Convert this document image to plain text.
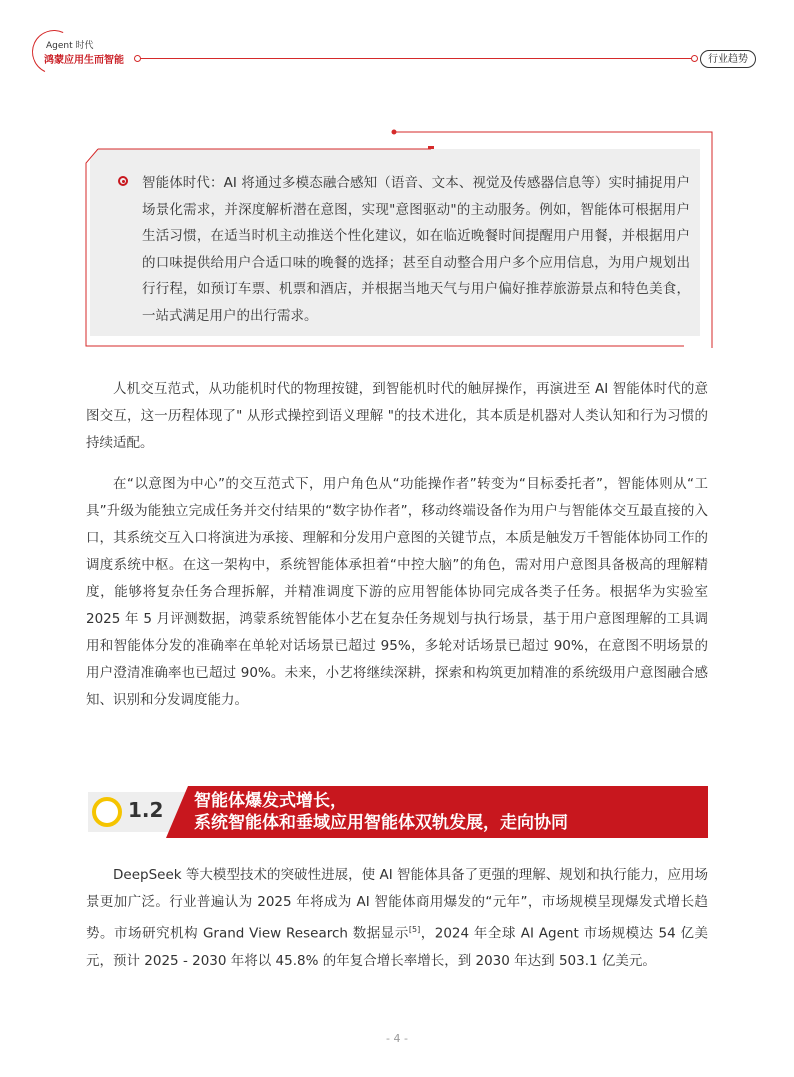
Agent 时代
鸿蒙应用生而智能	行业趋势
智能体时代：AI 将通过多模态融合感知（语音、文本、视觉及传感器信息等）实时捕捉用户场景化需求，并深度解析潜在意图，实现"意图驱动"的主动服务。例如，智能体可根据用户生活习惯，在适当时机主动推送个性化建议，如在临近晚餐时间提醒用户用餐，并根据用户的口味提供给用户合适口味的晚餐的选择；甚至自动整合用户多个应用信息，为用户规划出行行程，如预订车票、机票和酒店，并根据当地天气与用户偏好推荐旅游景点和特色美食，一站式满足用户的出行需求。

人机交互范式，从功能机时代的物理按键，到智能机时代的触屏操作，再演进至 AI 智能体时代的意图交互，这一历程体现了" 从形式操控到语义理解 "的技术进化，其本质是机器对人类认知和行为习惯的持续适配。

在“以意图为中心”的交互范式下，用户角色从“功能操作者”转变为“目标委托者”，智能体则从“工具”升级为能独立完成任务并交付结果的“数字协作者”，移动终端设备作为用户与智能体交互最直接的入口，其系统交互入口将演进为承接、理解和分发用户意图的关键节点，本质是触发万千智能体协同工作的调度系统中枢。在这一架构中，系统智能体承担着“中控大脑”的角色，需对用户意图具备极高的理解精度，能够将复杂任务合理拆解，并精准调度下游的应用智能体协同完成各类子任务。根据华为实验室 2025 年 5 月评测数据，鸿蒙系统智能体小艺在复杂任务规划与执行场景，基于用户意图理解的工具调用和智能体分发的准确率在单轮对话场景已超过 95%，多轮对话场景已超过 90%，在意图不明场景的用户澄清准确率也已超过 90%。未来，小艺将继续深耕，探索和构筑更加精准的系统级用户意图融合感知、识别和分发调度能力。

1.2 智能体爆发式增长，
系统智能体和垂域应用智能体双轨发展，走向协同

DeepSeek 等大模型技术的突破性进展，使 AI 智能体具备了更强的理解、规划和执行能力，应用场景更加广泛。行业普遍认为 2025 年将成为 AI 智能体商用爆发的“元年”，市场规模呈现爆发式增长趋势。市场研究机构 Grand View Research 数据显示[5]，2024 年全球 AI Agent 市场规模达 54 亿美元，预计 2025 - 2030 年将以 45.8% 的年复合增长率增长，到 2030 年达到 503.1 亿美元。

- 4 -
